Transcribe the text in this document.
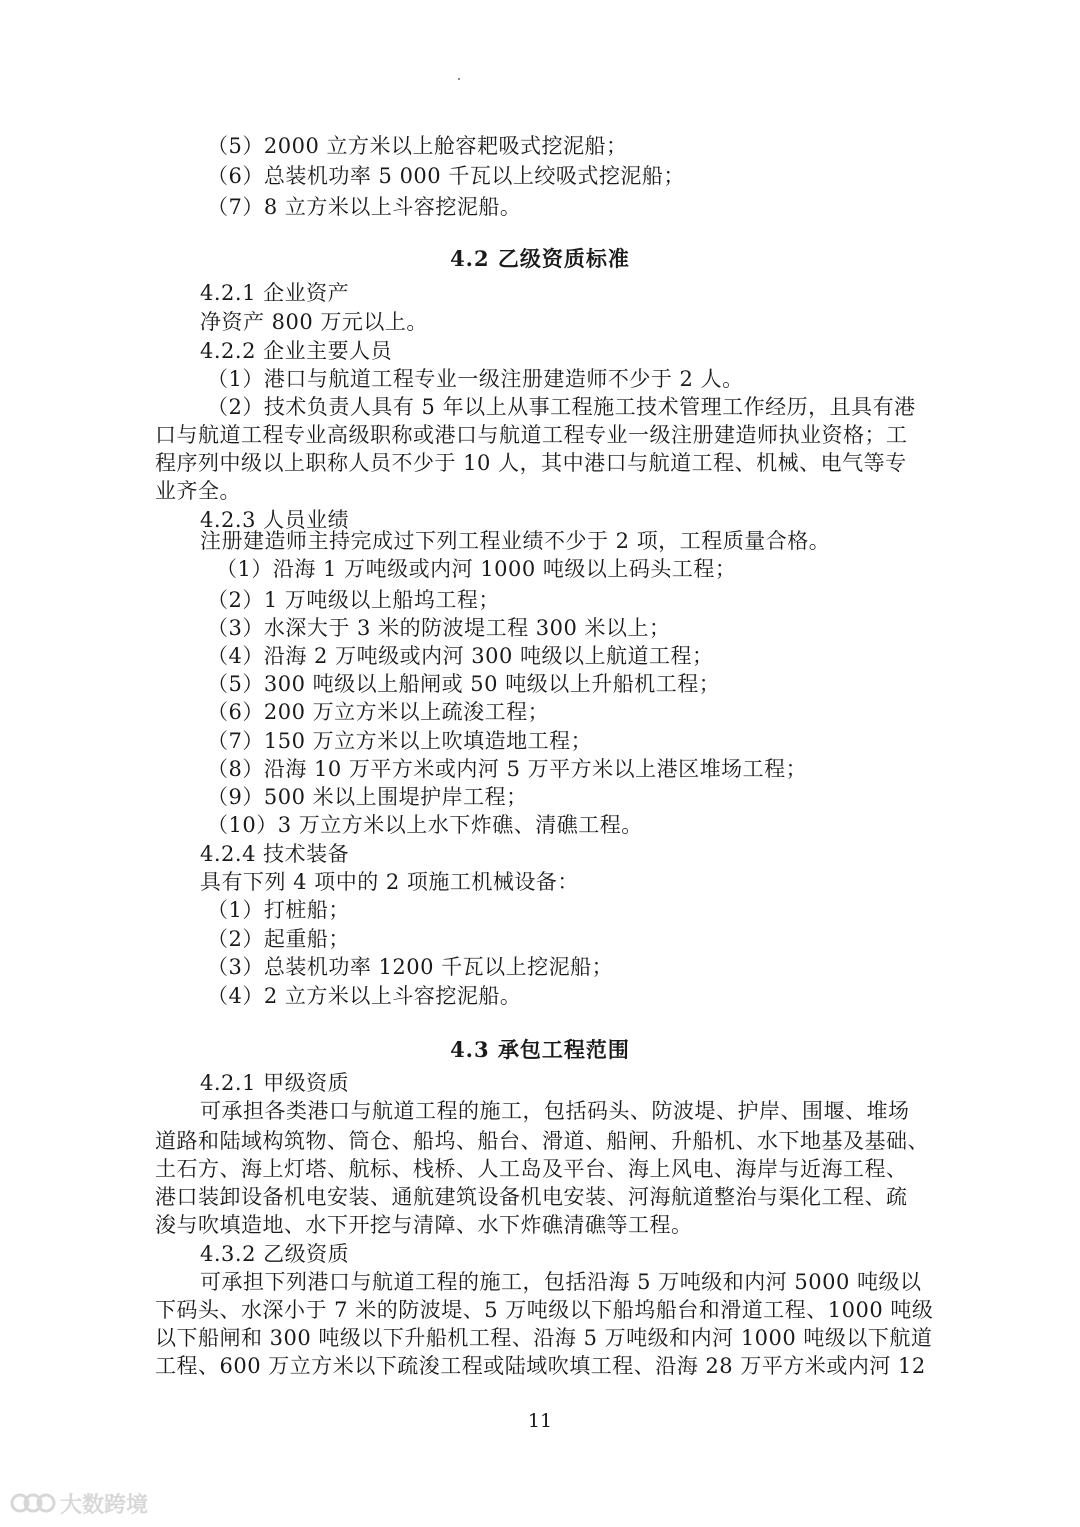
（5）2000 立方米以上舱容耙吸式挖泥船；
（6）总装机功率 5 000 千瓦以上绞吸式挖泥船；
（7）8 立方米以上斗容挖泥船。
4.2 乙级资质标准
4.2.1 企业资产
净资产 800 万元以上。
4.2.2 企业主要人员
（1）港口与航道工程专业一级注册建造师不少于 2 人。
（2）技术负责人具有 5 年以上从事工程施工技术管理工作经历，且具有港
口与航道工程专业高级职称或港口与航道工程专业一级注册建造师执业资格；工
程序列中级以上职称人员不少于 10 人，其中港口与航道工程、机械、电气等专
业齐全。
4.2.3 人员业绩
注册建造师主持完成过下列工程业绩不少于 2 项，工程质量合格。
（1）沿海 1 万吨级或内河 1000 吨级以上码头工程；
（2）1 万吨级以上船坞工程；
（3）水深大于 3 米的防波堤工程 300 米以上；
（4）沿海 2 万吨级或内河 300 吨级以上航道工程；
（5）300 吨级以上船闸或 50 吨级以上升船机工程；
（6）200 万立方米以上疏浚工程；
（7）150 万立方米以上吹填造地工程；
（8）沿海 10 万平方米或内河 5 万平方米以上港区堆场工程；
（9）500 米以上围堤护岸工程；
（10）3 万立方米以上水下炸礁、清礁工程。
4.2.4 技术装备
具有下列 4 项中的 2 项施工机械设备：
（1）打桩船；
（2）起重船；
（3）总装机功率 1200 千瓦以上挖泥船；
（4）2 立方米以上斗容挖泥船。
4.3 承包工程范围
4.2.1 甲级资质
可承担各类港口与航道工程的施工，包括码头、防波堤、护岸、围堰、堆场
道路和陆域构筑物、筒仓、船坞、船台、滑道、船闸、升船机、水下地基及基础、
土石方、海上灯塔、航标、栈桥、人工岛及平台、海上风电、海岸与近海工程、
港口装卸设备机电安装、通航建筑设备机电安装、河海航道整治与渠化工程、疏
浚与吹填造地、水下开挖与清障、水下炸礁清礁等工程。
4.3.2 乙级资质
可承担下列港口与航道工程的施工，包括沿海 5 万吨级和内河 5000 吨级以
下码头、水深小于 7 米的防波堤、5 万吨级以下船坞船台和滑道工程、1000 吨级
以下船闸和 300 吨级以下升船机工程、沿海 5 万吨级和内河 1000 吨级以下航道
工程、600 万立方米以下疏浚工程或陆域吹填工程、沿海 28 万平方米或内河 12
11
大数跨境
